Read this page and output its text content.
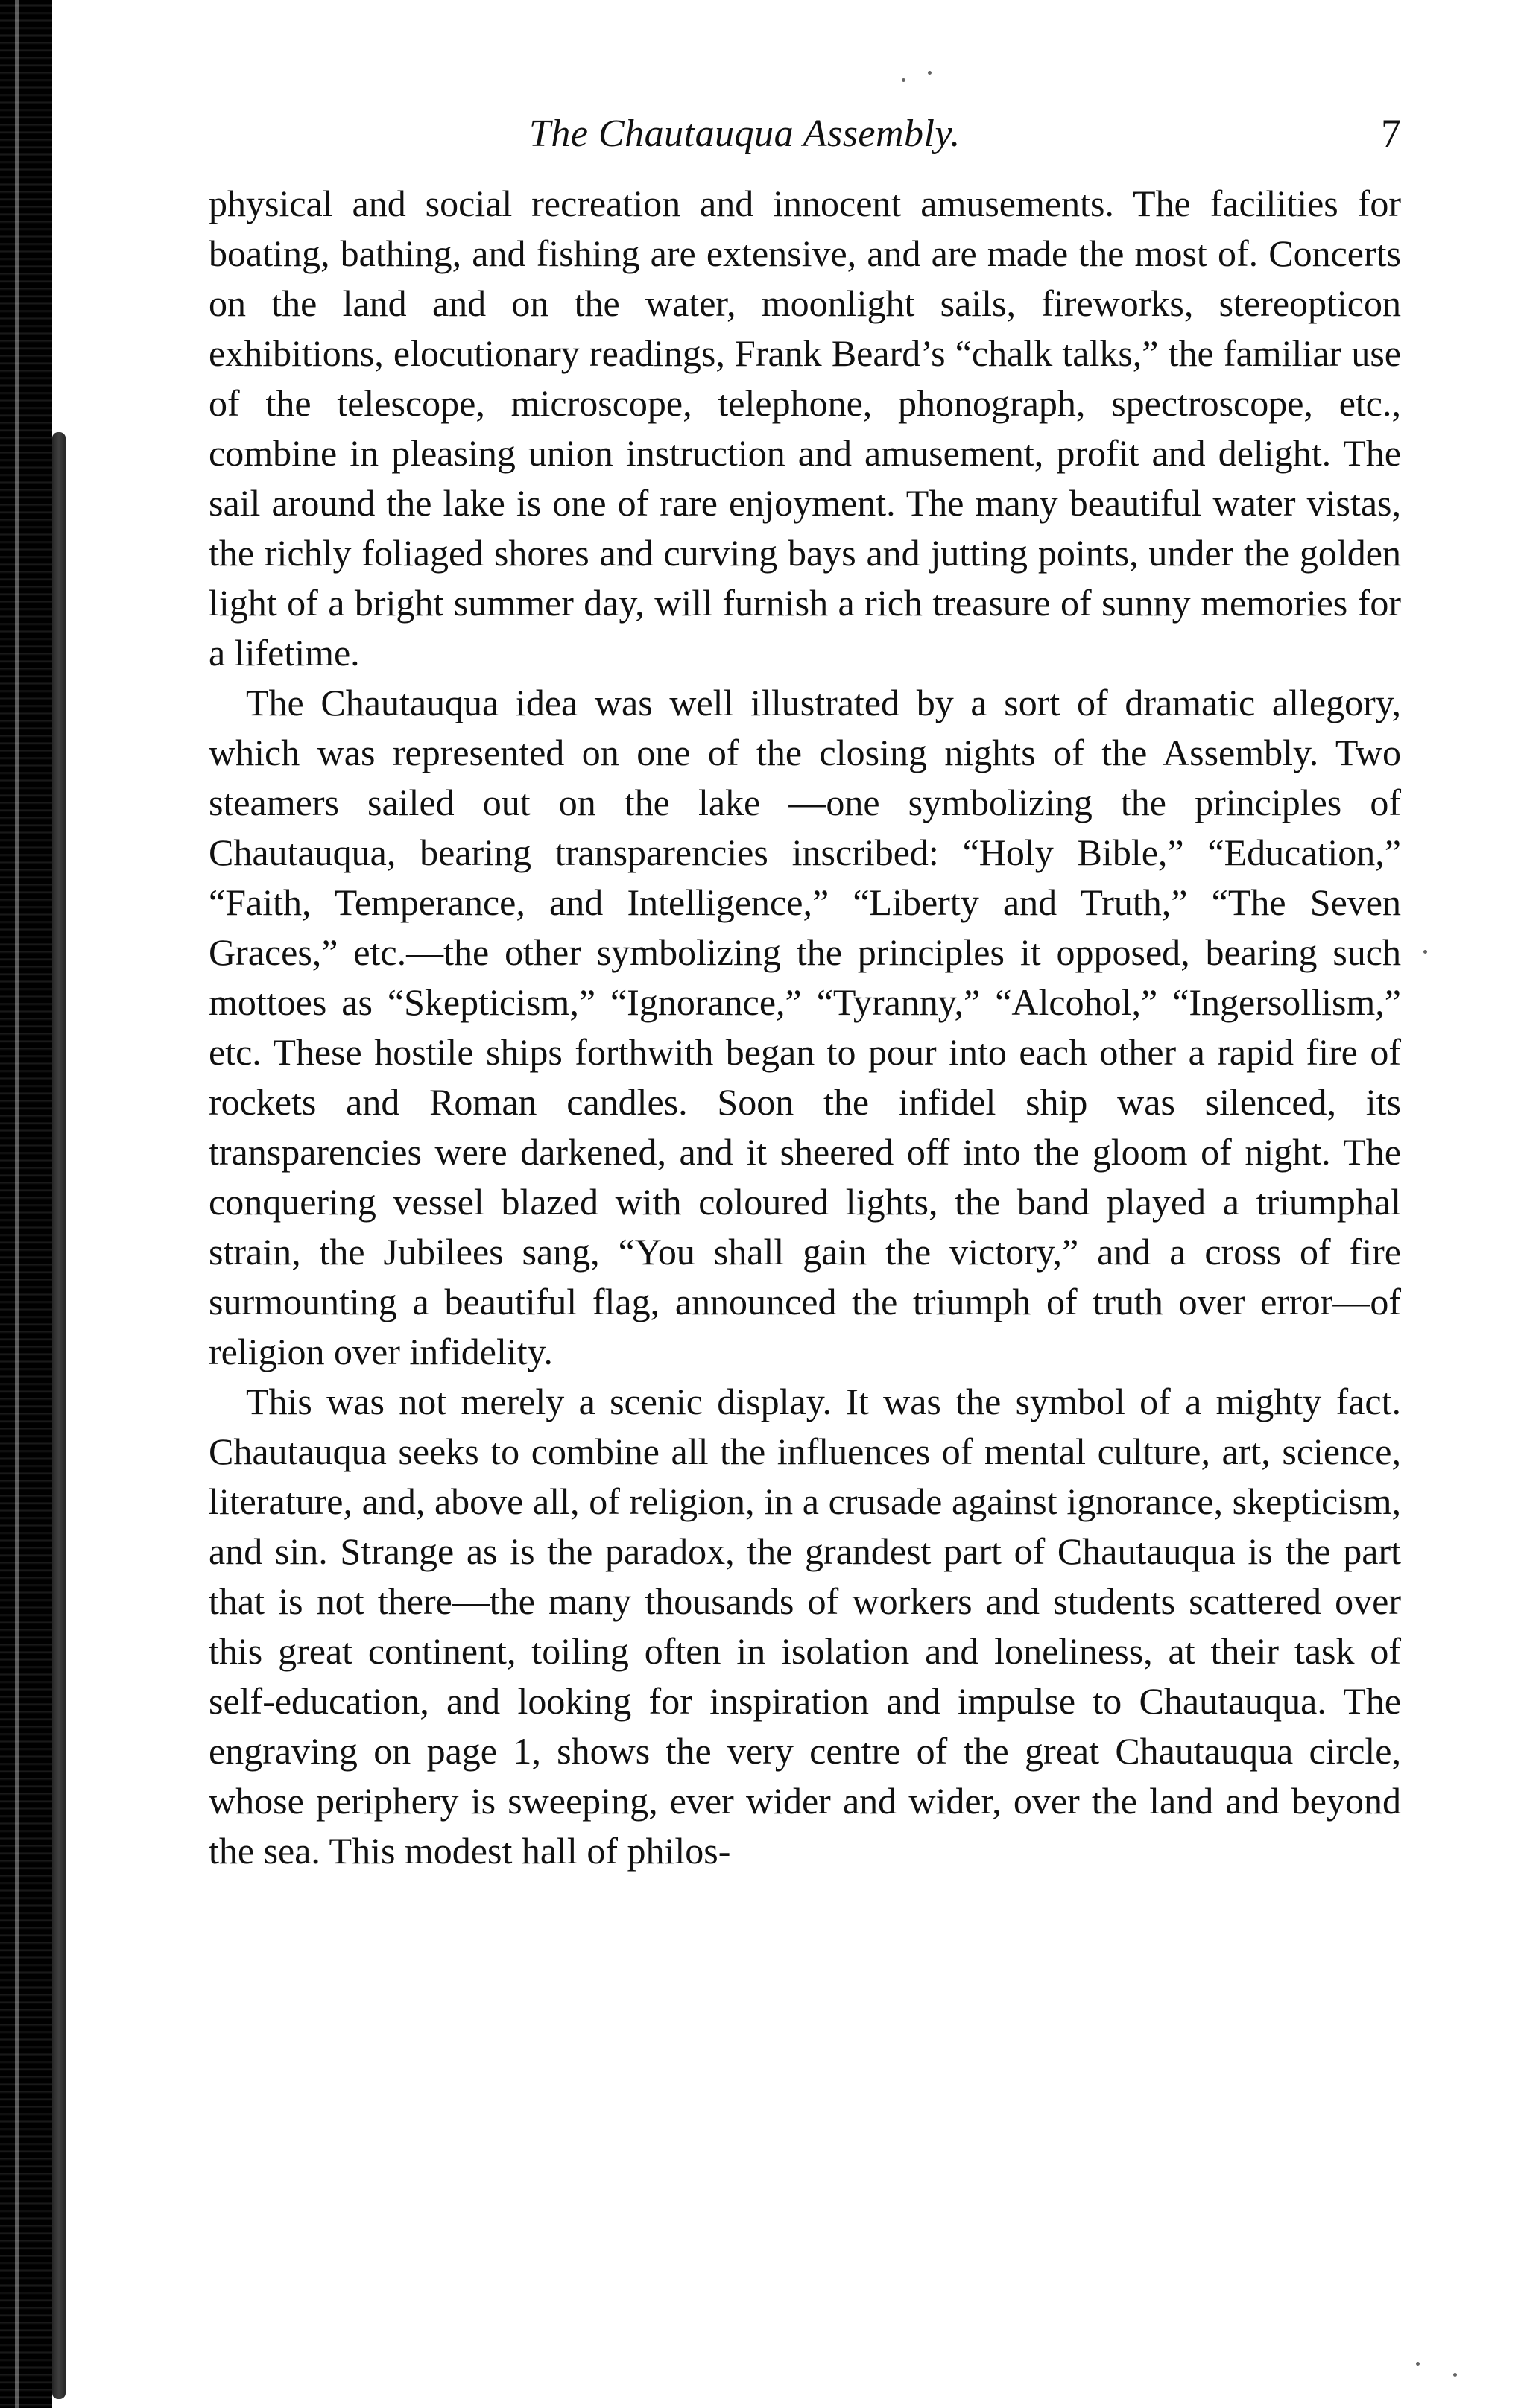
The Chautauqua Assembly.	7

physical and social recreation and innocent amusements. The facilities for boating, bathing, and fishing are extensive, and are made the most of. Concerts on the land and on the water, moonlight sails, fireworks, stereopticon exhibitions, elocutionary readings, Frank Beard’s “chalk talks,” the familiar use of the telescope, microscope, telephone, phonograph, spectroscope, etc., combine in pleasing union instruction and amusement, profit and delight. The sail around the lake is one of rare enjoyment. The many beautiful water vistas, the richly foliaged shores and curving bays and jutting points, under the golden light of a bright summer day, will furnish a rich treasure of sunny memories for a lifetime.

The Chautauqua idea was well illustrated by a sort of dramatic allegory, which was represented on one of the closing nights of the Assembly. Two steamers sailed out on the lake —one symbolizing the principles of Chautauqua, bearing transparencies inscribed: “Holy Bible,” “Education,” “Faith, Temperance, and Intelligence,” “Liberty and Truth,” “The Seven Graces,” etc.—the other symbolizing the principles it opposed, bearing such mottoes as “Skepticism,” “Ignorance,” “Tyranny,” “Alcohol,” “Ingersollism,” etc. These hostile ships forthwith began to pour into each other a rapid fire of rockets and Roman candles. Soon the infidel ship was silenced, its transparencies were darkened, and it sheered off into the gloom of night. The conquering vessel blazed with coloured lights, the band played a triumphal strain, the Jubilees sang, “You shall gain the victory,” and a cross of fire surmounting a beautiful flag, announced the triumph of truth over error—of religion over infidelity.

This was not merely a scenic display. It was the symbol of a mighty fact. Chautauqua seeks to combine all the influences of mental culture, art, science, literature, and, above all, of religion, in a crusade against ignorance, skepticism, and sin. Strange as is the paradox, the grandest part of Chautauqua is the part that is not there—the many thousands of workers and students scattered over this great continent, toiling often in isolation and loneliness, at their task of self-education, and looking for inspiration and impulse to Chautauqua. The engraving on page 1, shows the very centre of the great Chautauqua circle, whose periphery is sweeping, ever wider and wider, over the land and beyond the sea. This modest hall of philos-
